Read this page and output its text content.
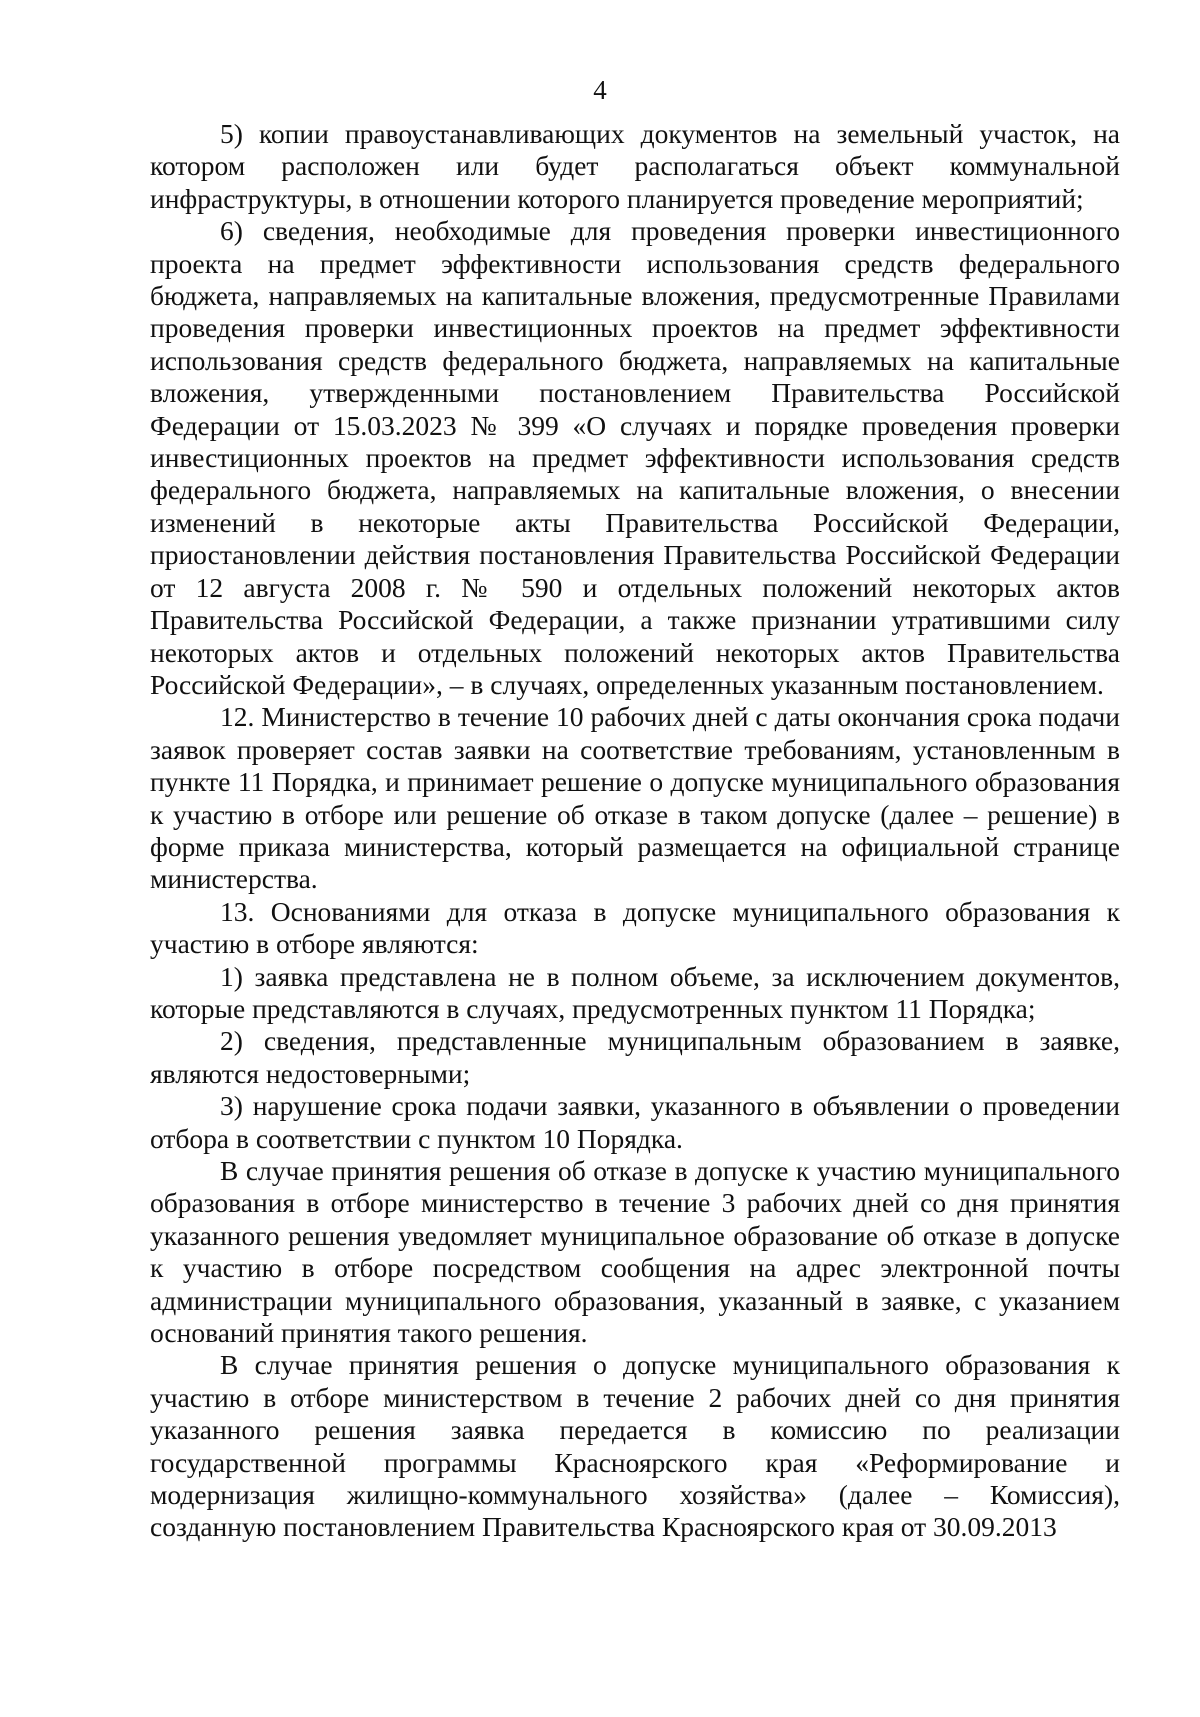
4

5) копии правоустанавливающих документов на земельный участок, на котором расположен или будет располагаться объект коммунальной инфраструктуры, в отношении которого планируется проведение мероприятий;

6) сведения, необходимые для проведения проверки инвестиционного проекта на предмет эффективности использования средств федерального бюджета, направляемых на капитальные вложения, предусмотренные Правилами проведения проверки инвестиционных проектов на предмет эффективности использования средств федерального бюджета, направляемых на капитальные вложения, утвержденными постановлением Правительства Российской Федерации от 15.03.2023 № 399 «О случаях и порядке проведения проверки инвестиционных проектов на предмет эффективности использования средств федерального бюджета, направляемых на капитальные вложения, о внесении изменений в некоторые акты Правительства Российской Федерации, приостановлении действия постановления Правительства Российской Федерации от 12 августа 2008 г. № 590 и отдельных положений некоторых актов Правительства Российской Федерации, а также признании утратившими силу некоторых актов и отдельных положений некоторых актов Правительства Российской Федерации», – в случаях, определенных указанным постановлением.

12. Министерство в течение 10 рабочих дней с даты окончания срока подачи заявок проверяет состав заявки на соответствие требованиям, установленным в пункте 11 Порядка, и принимает решение о допуске муниципального образования к участию в отборе или решение об отказе в таком допуске (далее – решение) в форме приказа министерства, который размещается на официальной странице министерства.

13. Основаниями для отказа в допуске муниципального образования к участию в отборе являются:

1) заявка представлена не в полном объеме, за исключением документов, которые представляются в случаях, предусмотренных пунктом 11 Порядка;

2) сведения, представленные муниципальным образованием в заявке, являются недостоверными;

3) нарушение срока подачи заявки, указанного в объявлении о проведении отбора в соответствии с пунктом 10 Порядка.

В случае принятия решения об отказе в допуске к участию муниципального образования в отборе министерство в течение 3 рабочих дней со дня принятия указанного решения уведомляет муниципальное образование об отказе в допуске к участию в отборе посредством сообщения на адрес электронной почты администрации муниципального образования, указанный в заявке, с указанием оснований принятия такого решения.

В случае принятия решения о допуске муниципального образования к участию в отборе министерством в течение 2 рабочих дней со дня принятия указанного решения заявка передается в комиссию по реализации государственной программы Красноярского края «Реформирование и модернизация жилищно-коммунального хозяйства» (далее – Комиссия), созданную постановлением Правительства Красноярского края от 30.09.2013
